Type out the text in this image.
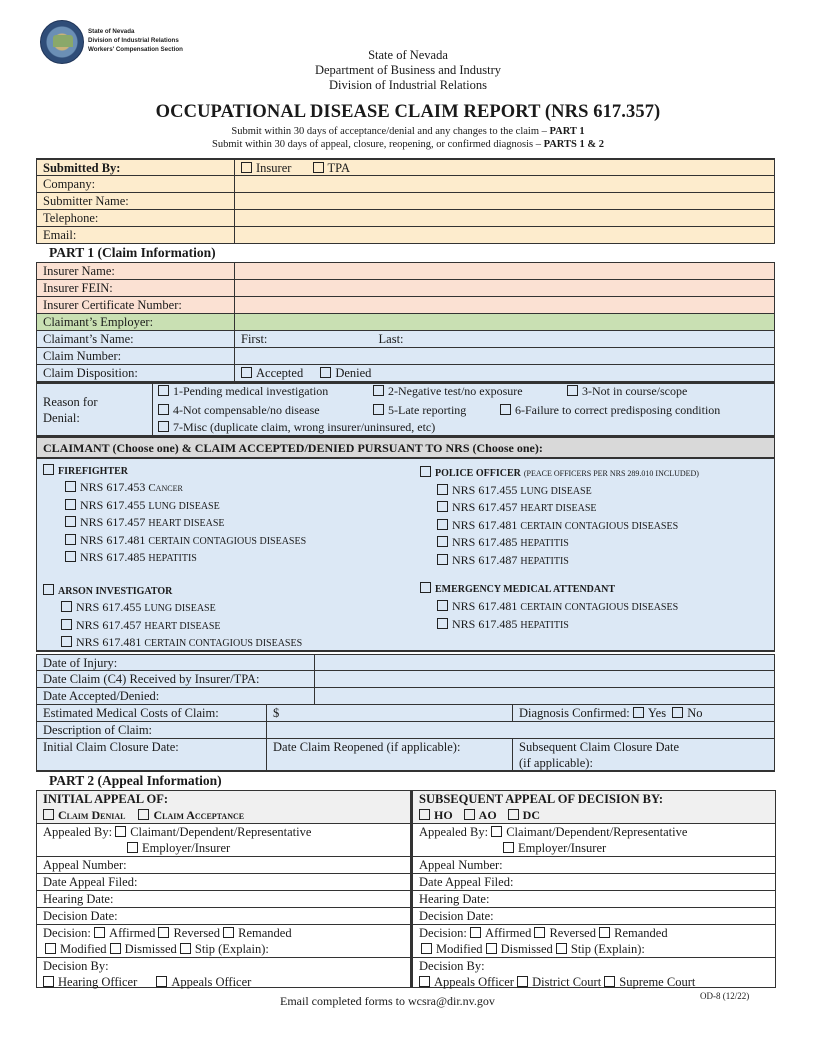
State of Nevada
Division of Industrial Relations
Workers' Compensation Section	State of Nevada
Department of Business and Industry
Division of Industrial Relations
OCCUPATIONAL DISEASE CLAIM REPORT (NRS 617.357)
Submit within 30 days of acceptance/denial and any changes to the claim – PART 1
Submit within 30 days of appeal, closure, reopening, or confirmed diagnosis – PARTS 1 & 2
Submitted By:	Insurer	TPA
Company:
Submitter Name:
Telephone:
Email:
PART 1 (Claim Information)
Insurer Name:
Insurer FEIN:
Insurer Certificate Number:
Claimant’s Employer:
Claimant’s Name:	First:	Last:
Claim Number:
Claim Disposition:	Accepted	Denied
Reason for
Denial:
1-Pending medical investigation	2-Negative test/no exposure	3-Not in course/scope
4-Not compensable/no disease	5-Late reporting	6-Failure to correct predisposing condition
7-Misc (duplicate claim, wrong insurer/uninsured, etc)
CLAIMANT (Choose one) & CLAIM ACCEPTED/DENIED PURSUANT TO NRS (Choose one):
FIREFIGHTER
NRS 617.453 Cancer
NRS 617.455 LUNG DISEASE
NRS 617.457 HEART DISEASE
NRS 617.481 CERTAIN CONTAGIOUS DISEASES
NRS 617.485 HEPATITIS
POLICE OFFICER (PEACE OFFICERS PER NRS 289.010 INCLUDED)
NRS 617.455 LUNG DISEASE
NRS 617.457 HEART DISEASE
NRS 617.481 CERTAIN CONTAGIOUS DISEASES
NRS 617.485 HEPATITIS
NRS 617.487 HEPATITIS
ARSON INVESTIGATOR
NRS 617.455 LUNG DISEASE
NRS 617.457 HEART DISEASE
NRS 617.481 CERTAIN CONTAGIOUS DISEASES
EMERGENCY MEDICAL ATTENDANT
NRS 617.481 CERTAIN CONTAGIOUS DISEASES
NRS 617.485 HEPATITIS
Date of Injury:
Date Claim (C4) Received by Insurer/TPA:
Date Accepted/Denied:
Estimated Medical Costs of Claim:	$	Diagnosis Confirmed: Yes No
Description of Claim:
Initial Claim Closure Date:	Date Claim Reopened (if applicable):	Subsequent Claim Closure Date
(if applicable):
PART 2 (Appeal Information)
INITIAL APPEAL OF:
Claim Denial Claim Acceptance
Appealed By: Claimant/Dependent/Representative
Employer/Insurer
Appeal Number:
Date Appeal Filed:
Hearing Date:
Decision Date:
Decision: Affirmed Reversed Remanded
Modified Dismissed Stip (Explain):
Decision By:
Hearing Officer	Appeals Officer
SUBSEQUENT APPEAL OF DECISION BY:
HO AO DC
Appealed By: Claimant/Dependent/Representative
Employer/Insurer
Appeal Number:
Date Appeal Filed:
Hearing Date:
Decision Date:
Decision: Affirmed Reversed Remanded
Modified Dismissed Stip (Explain):
Decision By:
Appeals Officer District Court Supreme Court
Email completed forms to wcsra@dir.nv.gov	OD-8 (12/22)
